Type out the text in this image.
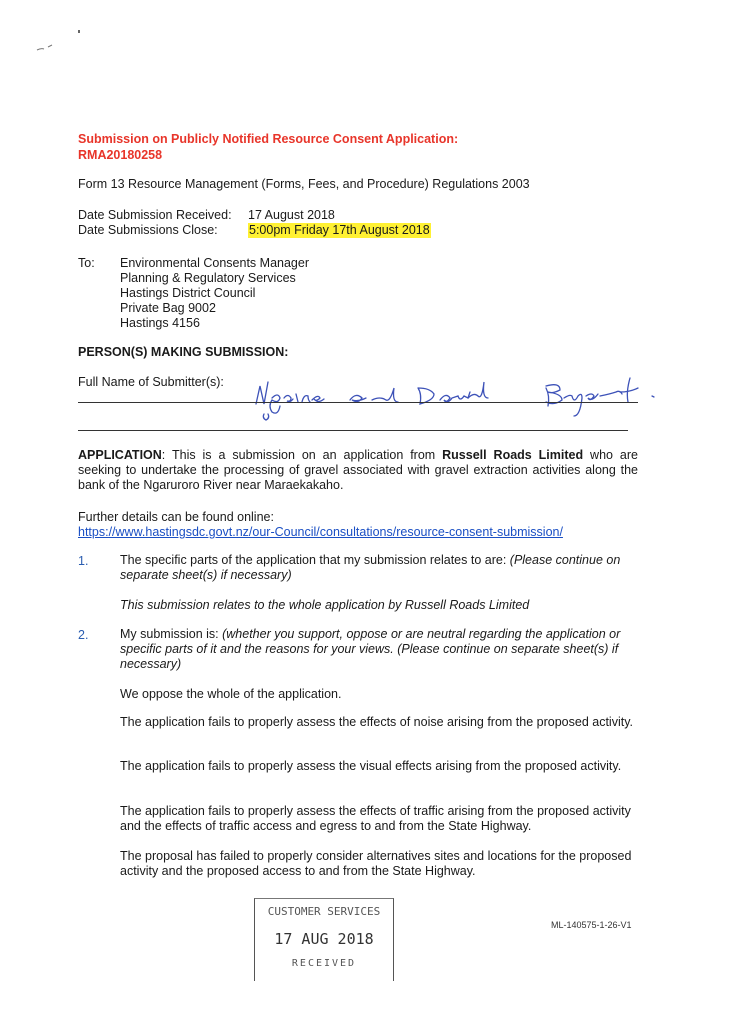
Submission on Publicly Notified Resource Consent Application:
RMA20180258
Form 13 Resource Management (Forms, Fees, and Procedure) Regulations 2003
Date Submission Received:	17 August 2018
Date Submissions Close:	5:00pm Friday 17th August 2018
To: Environmental Consents Manager
Planning & Regulatory Services
Hastings District Council
Private Bag 9002
Hastings 4156
PERSON(S) MAKING SUBMISSION:
Full Name of Submitter(s):
APPLICATION: This is a submission on an application from Russell Roads Limited who are seeking to undertake the processing of gravel associated with gravel extraction activities along the bank of the Ngaruroro River near Maraekakaho.
Further details can be found online:
https://www.hastingsdc.govt.nz/our-Council/consultations/resource-consent-submission/
1.	The specific parts of the application that my submission relates to are: (Please continue on separate sheet(s) if necessary)
This submission relates to the whole application by Russell Roads Limited
2.	My submission is: (whether you support, oppose or are neutral regarding the application or specific parts of it and the reasons for your views. (Please continue on separate sheet(s) if necessary)
We oppose the whole of the application.
The application fails to properly assess the effects of noise arising from the proposed activity.
The application fails to properly assess the visual effects arising from the proposed activity.
The application fails to properly assess the effects of traffic arising from the proposed activity and the effects of traffic access and egress to and from the State Highway.
The proposal has failed to properly consider alternatives sites and locations for the proposed activity and the proposed access to and from the State Highway.
CUSTOMER SERVICES
17 AUG 2018
RECEIVED
ML-140575-1-26-V1
